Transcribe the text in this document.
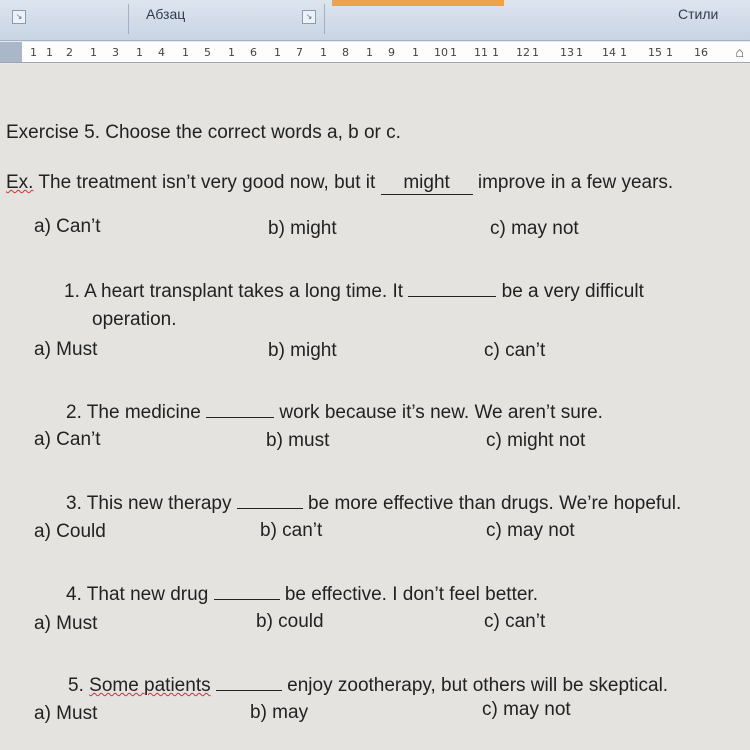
↘	Абзац	↘	Стили
1 1 2 1 3 1 4 1 5 1 6 1 7 1 8 1 9 1 10 1 11 1 12 1 13 1 14 1 15 1 16 ⌂
Exercise 5. Choose the correct words a, b or c.
Ex. The treatment isn’t very good now, but it might improve in a few years.
a) Can’t	b) might	c) may not
1. A heart transplant takes a long time. It	be a very difficult
operation.
a) Must	b) might	c) can’t
2. The medicine	work because it’s new. We aren’t sure.
a) Can’t	b) must	c) might not
3. This new therapy	be more effective than drugs. We’re hopeful.
a) Could	b) can’t	c) may not
4. That new drug	be effective. I don’t feel better.
a) Must	b) could	c) can’t
5. Some patients	enjoy zootherapy, but others will be skeptical.
a) Must	b) may	c) may not
